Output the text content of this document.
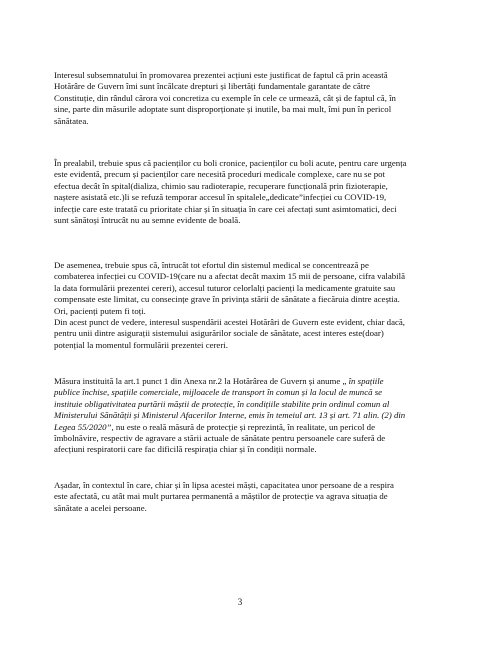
Interesul subsemnatului în promovarea prezentei acțiuni este justificat de faptul că prin această
Hotărâre de Guvern îmi sunt încălcate drepturi și libertăți fundamentale garantate de către
Constituție, din rândul cărora voi concretiza cu exemple în cele ce urmează, cât și de faptul că, în
sine, parte din măsurile adoptate sunt disproporționate și inutile, ba mai mult, îmi pun în pericol
sănătatea.
În prealabil, trebuie spus că pacienților cu boli cronice, pacienților cu boli acute, pentru care urgența
este evidentă, precum și pacienților care necesită proceduri medicale complexe, care nu se pot
efectua decât în spital(dializa, chimio sau radioterapie, recuperare funcțională prin fizioterapie,
naștere asistată etc.)li se refuză temporar accesul în spitalele„dedicate”infecției cu COVID-19,
infecție care este tratată cu prioritate chiar și în situația în care cei afectați sunt asimtomatici, deci
sunt sănătoși întrucât nu au semne evidente de boală.
De asemenea, trebuie spus că, întrucât tot efortul din sistemul medical se concentrează pe
combaterea infecției cu COVID-19(care nu a afectat decât maxim 15 mii de persoane, cifra valabilă
la data formulării prezentei cereri), accesul tuturor celorlalți pacienți la medicamente gratuite sau
compensate este limitat, cu consecințe grave în privința stării de sănătate a fiecăruia dintre aceștia.
Ori, pacienți putem fi toți.
Din acest punct de vedere, interesul suspendării acestei Hotărâri de Guvern este evident, chiar dacă,
pentru unii dintre asigurații sistemului asigurărilor sociale de sănătate, acest interes este(doar)
potențial la momentul formulării prezentei cereri.
Măsura instituită la art.1 punct 1 din Anexa nr.2 la Hotărârea de Guvern și anume „ în spațiile
publice închise, spațiile comerciale, mijloacele de transport în comun și la locul de muncă se
instituie obligativitatea purtării măștii de protecție, în condițiile stabilite prin ordinul comun al
Ministerului Sănătății și Ministerul Afacerilor Interne, emis în temeiul art. 13 și art. 71 alin. (2) din
Legea 55/2020”, nu este o reală măsură de protecție și reprezintă, în realitate, un pericol de
îmbolnăvire, respectiv de agravare a stării actuale de sănătate pentru persoanele care suferă de
afecțiuni respiratorii care fac dificilă respirația chiar și în condiții normale.
Așadar, în contextul în care, chiar și în lipsa acestei măști, capacitatea unor persoane de a respira
este afectată, cu atât mai mult purtarea permanentă a măștilor de protecție va agrava situația de
sănătate a acelei persoane.
3
